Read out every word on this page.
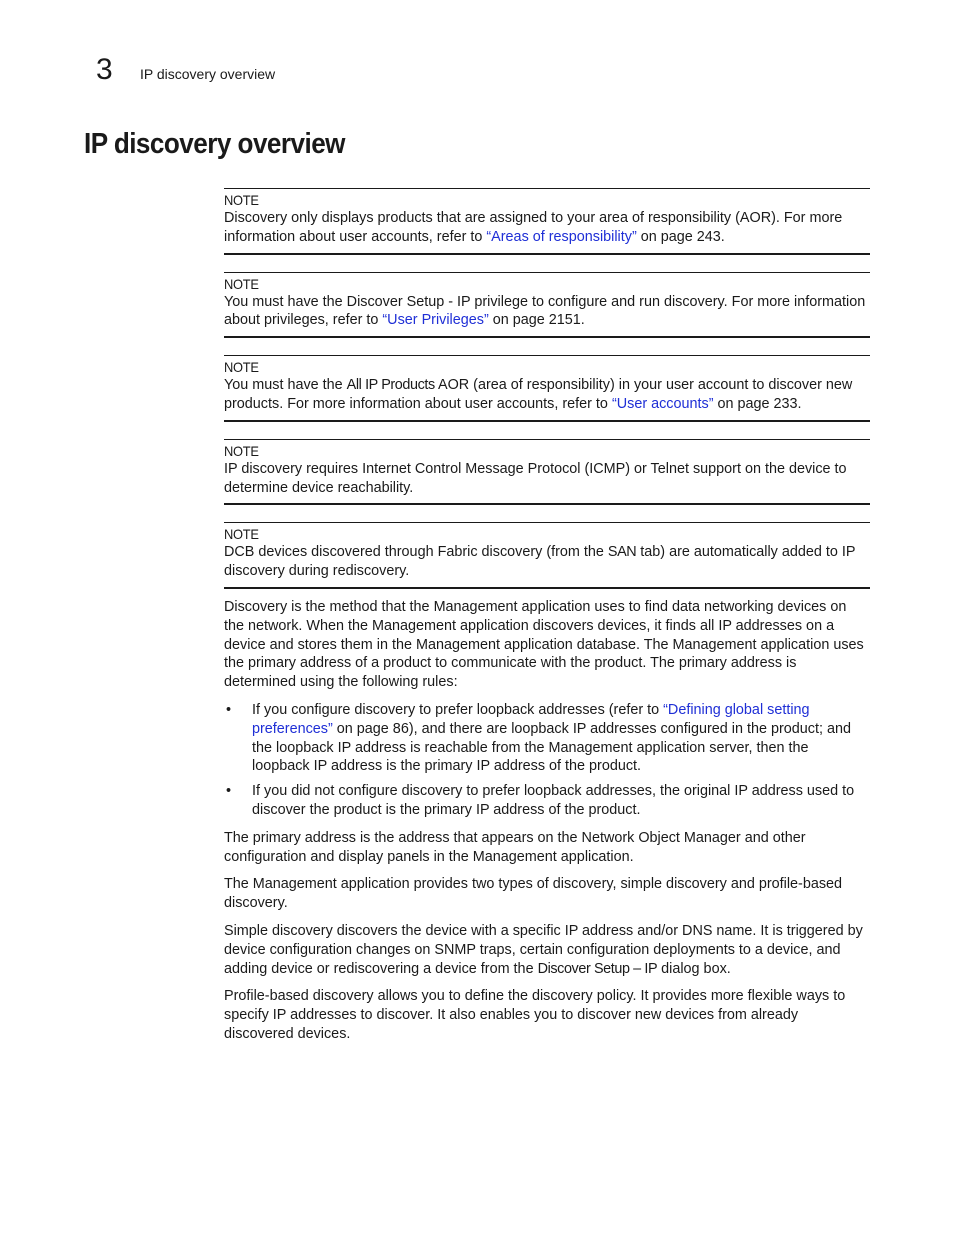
3	IP discovery overview
IP discovery overview
NOTE

Discovery only displays products that are assigned to your area of responsibility (AOR). For more information about user accounts, refer to “Areas of responsibility” on page 243.

NOTE

You must have the Discover Setup - IP privilege to configure and run discovery. For more information about privileges, refer to “User Privileges” on page 2151.

NOTE

You must have the All IP Products AOR (area of responsibility) in your user account to discover new products. For more information about user accounts, refer to “User accounts” on page 233.

NOTE

IP discovery requires Internet Control Message Protocol (ICMP) or Telnet support on the device to determine device reachability.

NOTE

DCB devices discovered through Fabric discovery (from the SAN tab) are automatically added to IP discovery during rediscovery.

Discovery is the method that the Management application uses to find data networking devices on the network. When the Management application discovers devices, it finds all IP addresses on a device and stores them in the Management application database. The Management application uses the primary address of a product to communicate with the product. The primary address is determined using the following rules:

• If you configure discovery to prefer loopback addresses (refer to “Defining global setting preferences” on page 86), and there are loopback IP addresses configured in the product; and the loopback IP address is reachable from the Management application server, then the loopback IP address is the primary IP address of the product.
• If you did not configure discovery to prefer loopback addresses, the original IP address used to discover the product is the primary IP address of the product.

The primary address is the address that appears on the Network Object Manager and other configuration and display panels in the Management application.

The Management application provides two types of discovery, simple discovery and profile-based discovery.

Simple discovery discovers the device with a specific IP address and/or DNS name. It is triggered by device configuration changes on SNMP traps, certain configuration deployments to a device, and adding device or rediscovering a device from the Discover Setup – IP dialog box.

Profile-based discovery allows you to define the discovery policy. It provides more flexible ways to specify IP addresses to discover. It also enables you to discover new devices from already discovered devices.
